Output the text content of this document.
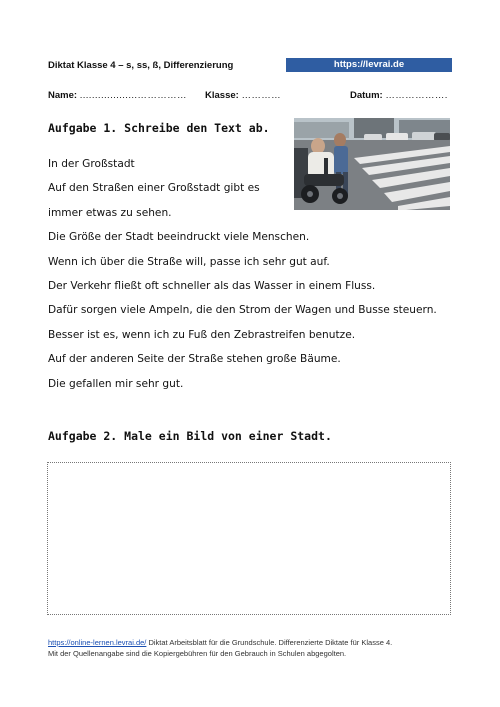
Diktat Klasse 4 – s, ss, ß, Differenzierung	https://levrai.de
Name: ...................…………… Klasse: …………	Datum: ……………….
Aufgabe 1. Schreibe den Text ab.
In der Großstadt
Auf den Straßen einer Großstadt gibt es
immer etwas zu sehen.
Die Größe der Stadt beeindruckt viele Menschen.
Wenn ich über die Straße will, passe ich sehr gut auf.
Der Verkehr fließt oft schneller als das Wasser in einem Fluss.
Dafür sorgen viele Ampeln, die den Strom der Wagen und Busse steuern.
Besser ist es, wenn ich zu Fuß den Zebrastreifen benutze.
Auf der anderen Seite der Straße stehen große Bäume.
Die gefallen mir sehr gut.
Aufgabe 2. Male ein Bild von einer Stadt.
https://online-lernen.levrai.de/ Diktat Arbeitsblatt für die Grundschule. Differenzierte Diktate für Klasse 4.
Mit der Quellenangabe sind die Kopiergebühren für den Gebrauch in Schulen abgegolten.
